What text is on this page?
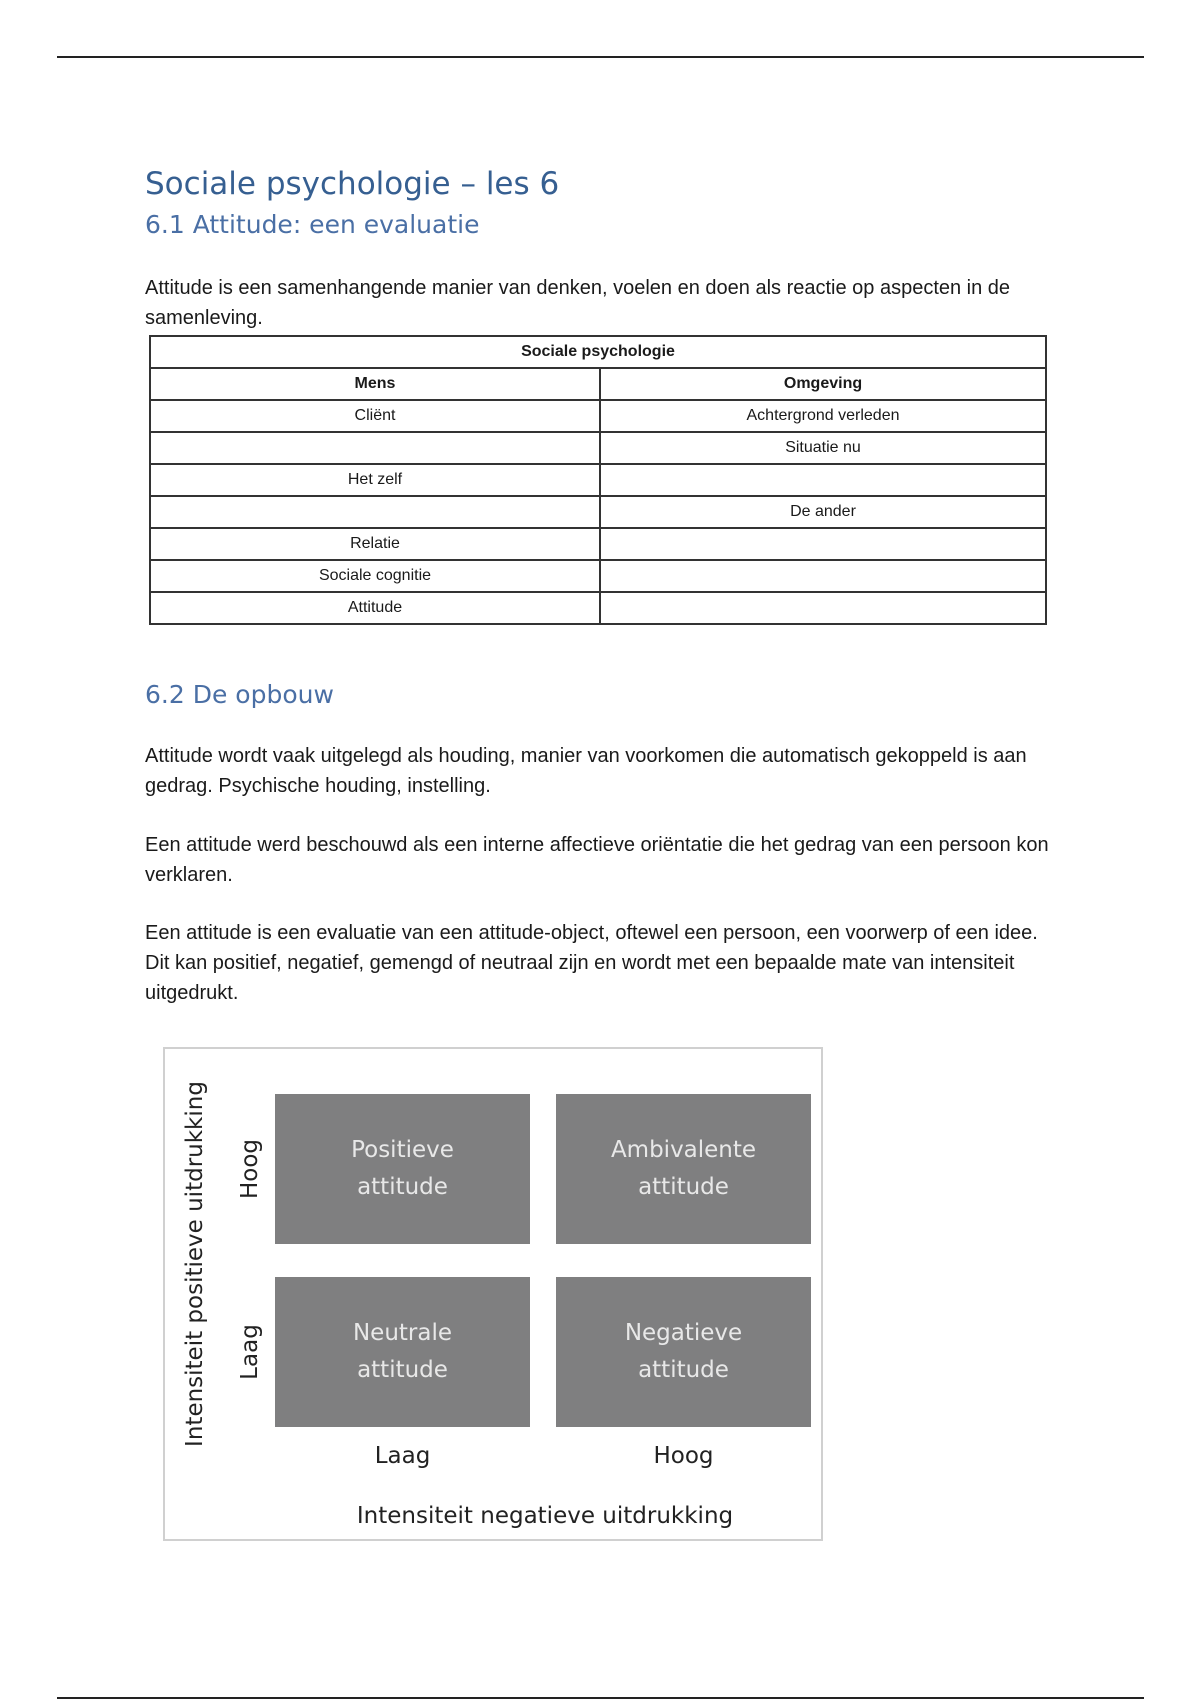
Sociale psychologie – les 6
6.1 Attitude: een evaluatie

Attitude is een samenhangende manier van denken, voelen en doen als reactie op aspecten in de samenleving.

Sociale psychologie	
Mens	Omgeving
Cliënt	Achtergrond verleden
	Situatie nu
Het zelf	
	De ander
Relatie	
Sociale cognitie	
Attitude	
6.2 De opbouw

Attitude wordt vaak uitgelegd als houding, manier van voorkomen die automatisch gekoppeld is aan gedrag. Psychische houding, instelling.

Een attitude werd beschouwd als een interne affectieve oriëntatie die het gedrag van een persoon kon verklaren.

Een attitude is een evaluatie van een attitude-object, oftewel een persoon, een voorwerp of een idee. Dit kan positief, negatief, gemengd of neutraal zijn en wordt met een bepaalde mate van intensiteit uitgedrukt.

Intensiteit positieve uitdrukking Hoog
Laag
Positieve
attitude
Ambivalente
attitude
Neutrale
attitude
Negatieve
attitude
Laag	Hoog
Intensiteit negatieve uitdrukking
